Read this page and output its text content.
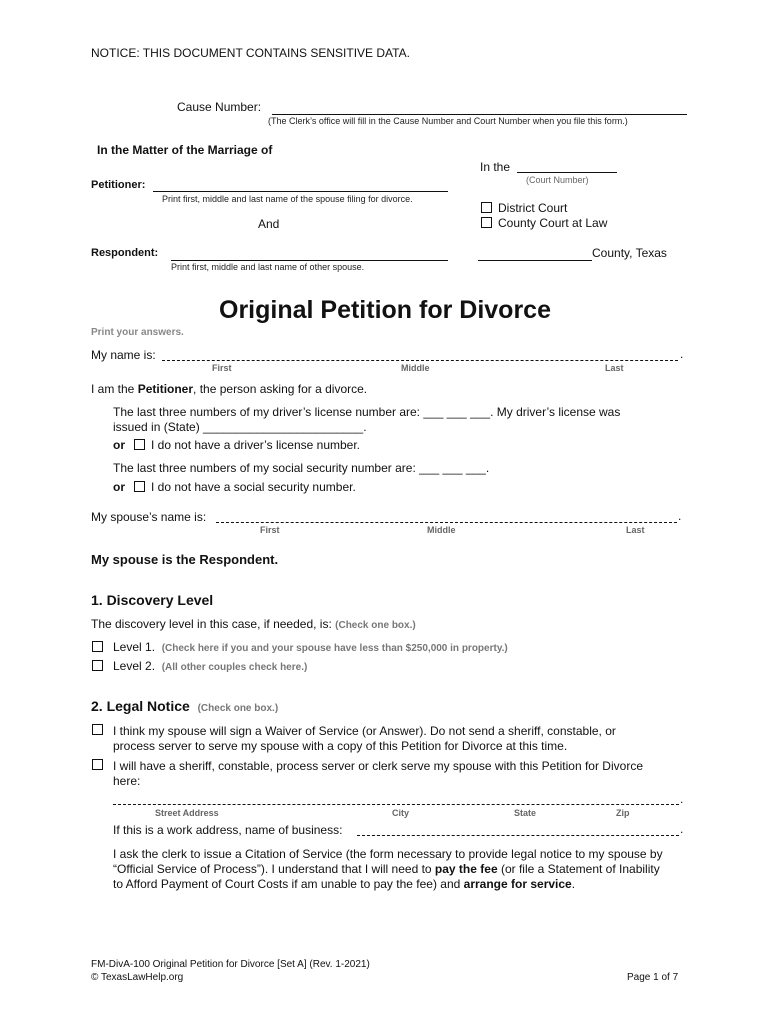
NOTICE: THIS DOCUMENT CONTAINS SENSITIVE DATA.
Cause Number:
(The Clerk’s office will fill in the Cause Number and Court Number when you file this form.)
In the Matter of the Marriage of
In the
(Court Number)
District Court
County Court at Law
Petitioner:
Print first, middle and last name of the spouse filing for divorce.
And
Respondent:
Print first, middle and last name of other spouse.
County, Texas
Original Petition for Divorce
Print your answers.
My name is:	.
First	Middle	Last
I am the Petitioner, the person asking for a divorce.
The last three numbers of my driver’s license number are: ___ ___ ___. My driver’s license was
issued in (State) ________________________.
or I do not have a driver’s license number.
The last three numbers of my social security number are: ___ ___ ___.
or I do not have a social security number.
My spouse’s name is:	.
First	Middle	Last
My spouse is the Respondent.
1. Discovery Level
The discovery level in this case, if needed, is: (Check one box.)
Level 1. (Check here if you and your spouse have less than $250,000 in property.)
Level 2. (All other couples check here.)
2. Legal Notice (Check one box.)
I think my spouse will sign a Waiver of Service (or Answer). Do not send a sheriff, constable, or
process server to serve my spouse with a copy of this Petition for Divorce at this time.
I will have a sheriff, constable, process server or clerk serve my spouse with this Petition for Divorce
here:
.
Street Address	City	State	Zip
If this is a work address, name of business:	.
I ask the clerk to issue a Citation of Service (the form necessary to provide legal notice to my spouse by
“Official Service of Process”). I understand that I will need to pay the fee (or file a Statement of Inability
to Afford Payment of Court Costs if am unable to pay the fee) and arrange for service.
FM-DivA-100 Original Petition for Divorce [Set A] (Rev. 1-2021)
© TexasLawHelp.org	Page 1 of 7
